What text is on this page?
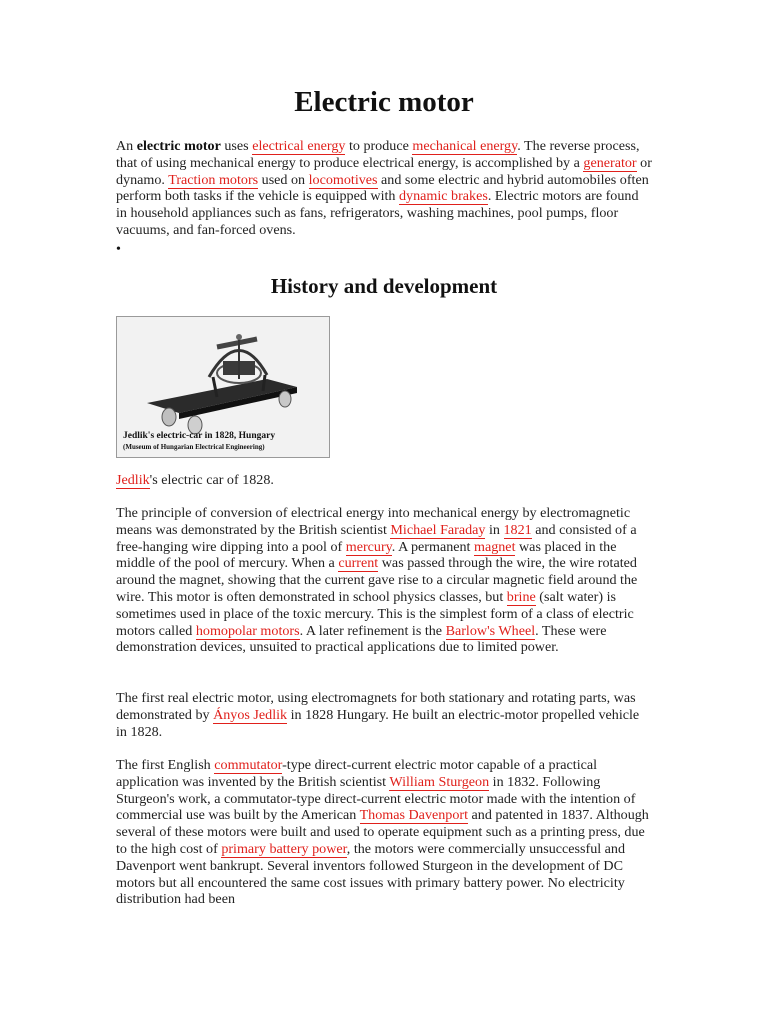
Electric motor

An electric motor uses electrical energy to produce mechanical energy. The reverse process, that of using mechanical energy to produce electrical energy, is accomplished by a generator or dynamo. Traction motors used on locomotives and some electric and hybrid automobiles often perform both tasks if the vehicle is equipped with dynamic brakes. Electric motors are found in household appliances such as fans, refrigerators, washing machines, pool pumps, floor vacuums, and fan-forced ovens.

•
History and development
Jedlik's electric-car in 1828, Hungary
(Museum of Hungarian Electrical Engineering)

Jedlik's electric car of 1828.

The principle of conversion of electrical energy into mechanical energy by electromagnetic means was demonstrated by the British scientist Michael Faraday in 1821 and consisted of a free-hanging wire dipping into a pool of mercury. A permanent magnet was placed in the middle of the pool of mercury. When a current was passed through the wire, the wire rotated around the magnet, showing that the current gave rise to a circular magnetic field around the wire. This motor is often demonstrated in school physics classes, but brine (salt water) is sometimes used in place of the toxic mercury. This is the simplest form of a class of electric motors called homopolar motors. A later refinement is the Barlow's Wheel. These were demonstration devices, unsuited to practical applications due to limited power.

The first real electric motor, using electromagnets for both stationary and rotating parts, was demonstrated by Ányos Jedlik in 1828 Hungary. He built an electric-motor propelled vehicle in 1828.

The first English commutator-type direct-current electric motor capable of a practical application was invented by the British scientist William Sturgeon in 1832. Following Sturgeon's work, a commutator-type direct-current electric motor made with the intention of commercial use was built by the American Thomas Davenport and patented in 1837. Although several of these motors were built and used to operate equipment such as a printing press, due to the high cost of primary battery power, the motors were commercially unsuccessful and Davenport went bankrupt. Several inventors followed Sturgeon in the development of DC motors but all encountered the same cost issues with primary battery power. No electricity distribution had been
